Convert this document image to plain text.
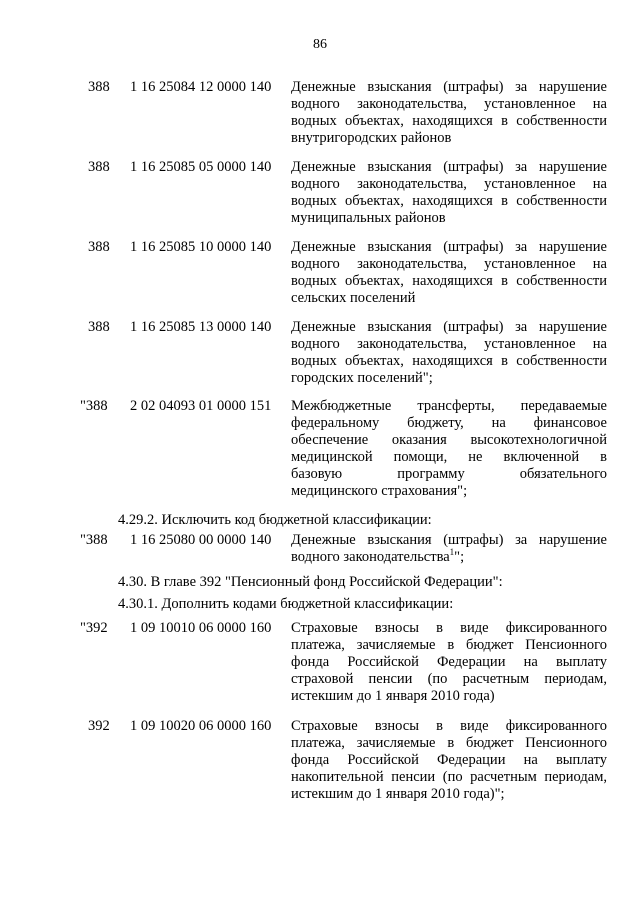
86
388 1 16 25084 12 0000 140 Денежные взыскания (штрафы) за нарушение
водного законодательства, установленное на
водных объектах, находящихся в собственности
внутригородских районов
388 1 16 25085 05 0000 140 Денежные взыскания (штрафы) за нарушение
водного законодательства, установленное на
водных объектах, находящихся в собственности
муниципальных районов
388 1 16 25085 10 0000 140 Денежные взыскания (штрафы) за нарушение
водного законодательства, установленное на
водных объектах, находящихся в собственности
сельских поселений
388 1 16 25085 13 0000 140 Денежные взыскания (штрафы) за нарушение
водного законодательства, установленное на
водных объектах, находящихся в собственности
городских поселений";
"388 2 02 04093 01 0000 151 Межбюджетные трансферты, передаваемые
федеральному бюджету, на финансовое
обеспечение оказания высокотехнологичной
медицинской помощи, не включенной в
базовую программу обязательного
медицинского страхования";
"392 1 09 10010 06 0000 160 Страховые взносы в виде фиксированного
платежа, зачисляемые в бюджет Пенсионного
фонда Российской Федерации на выплату
страховой пенсии (по расчетным периодам,
истекшим до 1 января 2010 года)
392 1 09 10020 06 0000 160 Страховые взносы в виде фиксированного
платежа, зачисляемые в бюджет Пенсионного
фонда Российской Федерации на выплату
накопительной пенсии (по расчетным периодам,
истекшим до 1 января 2010 года)";
4.29.2. Исключить код бюджетной классификации:
"388 1 16 25080 00 0000 140 Денежные взыскания (штрафы) за нарушение
водного законодательства$^1$";
4.30. В главе 392 "Пенсионный фонд Российской Федерации":
4.30.1. Дополнить кодами бюджетной классификации:
